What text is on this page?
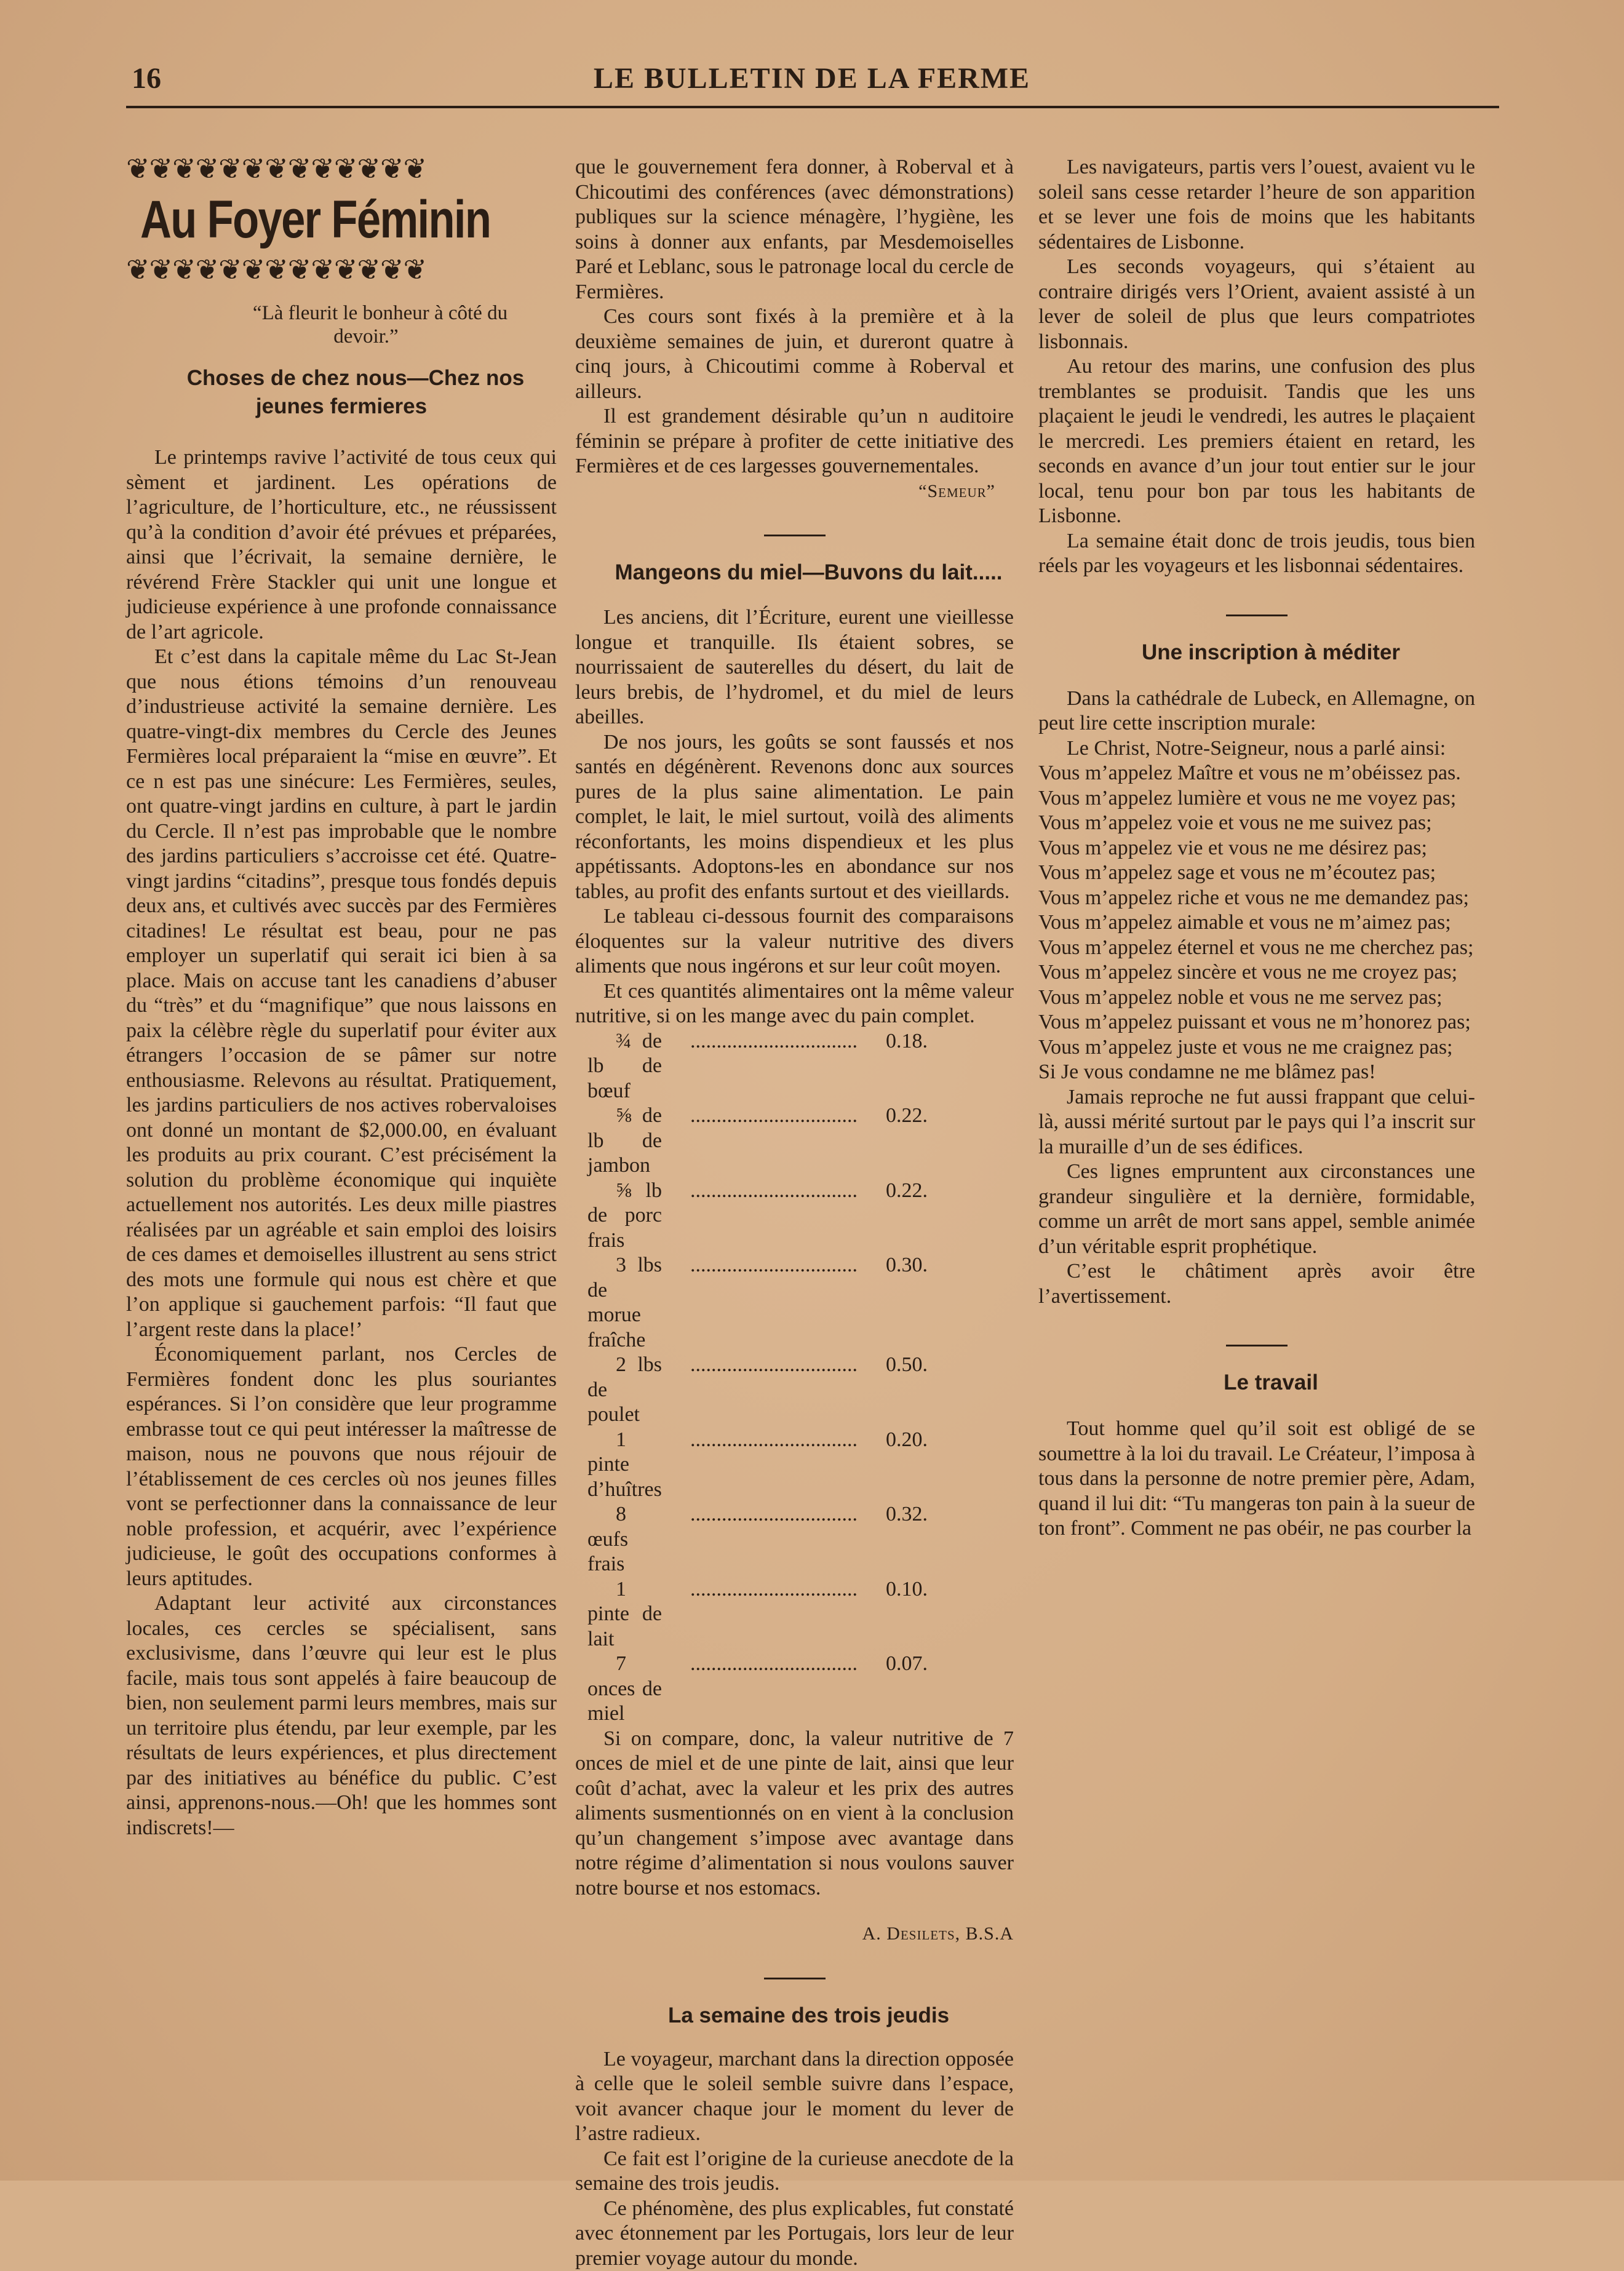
16	LE BULLETIN DE LA FERME
❦❦❦❦❦❦❦❦❦❦❦❦❦
Au Foyer Féminin
❦❦❦❦❦❦❦❦❦❦❦❦❦

“Là fleurit le bonheur à côté du devoir.”

Choses de chez nous—Chez nos jeunes fermieres

Le printemps ravive l’activité de tous ceux qui sèment et jardinent. Les opérations de l’agriculture, de l’horticulture, etc., ne réussissent qu’à la condition d’avoir été prévues et préparées, ainsi que l’écrivait, la semaine dernière, le révérend Frère Stackler qui unit une longue et judicieuse expérience à une profonde connaissance de l’art agricole.

Et c’est dans la capitale même du Lac St-Jean que nous étions témoins d’un renouveau d’industrieuse activité la semaine dernière. Les quatre-vingt-dix membres du Cercle des Jeunes Fermières local préparaient la “mise en œuvre”. Et ce n est pas une sinécure: Les Fermières, seules, ont quatre-vingt jardins en culture, à part le jardin du Cercle. Il n’est pas improbable que le nombre des jardins particuliers s’accroisse cet été. Quatre-vingt jardins “citadins”, presque tous fondés depuis deux ans, et cultivés avec succès par des Fermières citadines! Le résultat est beau, pour ne pas employer un superlatif qui serait ici bien à sa place. Mais on accuse tant les canadiens d’abuser du “très” et du “magnifique” que nous laissons en paix la célèbre règle du superlatif pour éviter aux étrangers l’occasion de se pâmer sur notre enthousiasme. Relevons au résultat. Pratiquement, les jardins particuliers de nos actives robervaloises ont donné un montant de $2,000.00, en évaluant les produits au prix courant. C’est précisément la solution du problème économique qui inquiète actuellement nos autorités. Les deux mille piastres réalisées par un agréable et sain emploi des loisirs de ces dames et demoiselles illustrent au sens strict des mots une formule qui nous est chère et que l’on applique si gauchement parfois: “Il faut que l’argent reste dans la place!’

Économiquement parlant, nos Cercles de Fermières fondent donc les plus souriantes espérances. Si l’on considère que leur programme embrasse tout ce qui peut intéresser la maîtresse de maison, nous ne pouvons que nous réjouir de l’établissement de ces cercles où nos jeunes filles vont se perfectionner dans la connaissance de leur noble profession, et acquérir, avec l’expérience judicieuse, le goût des occupations conformes à leurs aptitudes.

Adaptant leur activité aux circonstances locales, ces cercles se spécialisent, sans exclusivisme, dans l’œuvre qui leur est le plus facile, mais tous sont appelés à faire beaucoup de bien, non seulement parmi leurs membres, mais sur un territoire plus étendu, par leur exemple, par les résultats de leurs expériences, et plus directement par des initiatives au bénéfice du public. C’est ainsi, apprenons-nous.—Oh! que les hommes sont indiscrets!—

que le gouvernement fera donner, à Roberval et à Chicoutimi des conférences (avec démonstrations) publiques sur la science ménagère, l’hygiène, les soins à donner aux enfants, par Mesdemoiselles Paré et Leblanc, sous le patronage local du cercle de Fermières.

Ces cours sont fixés à la première et à la deuxième semaines de juin, et dureront quatre à cinq jours, à Chicoutimi comme à Roberval et ailleurs.

Il est grandement désirable qu’un n auditoire féminin se prépare à profiter de cette initiative des Fermières et de ces largesses gouvernementales.

“Semeur”

Mangeons du miel—Buvons du lait.....

Les anciens, dit l’Écriture, eurent une vieillesse longue et tranquille. Ils étaient sobres, se nourrissaient de sauterelles du désert, du lait de leurs brebis, de l’hydromel, et du miel de leurs abeilles.

De nos jours, les goûts se sont faussés et nos santés en dégénèrent. Revenons donc aux sources pures de la plus saine alimentation. Le pain complet, le lait, le miel surtout, voilà des aliments réconfortants, les moins dispendieux et les plus appétissants. Adoptons-les en abondance sur nos tables, au profit des enfants surtout et des vieillards.

Le tableau ci-dessous fournit des comparaisons éloquentes sur la valeur nutritive des divers aliments que nous ingérons et sur leur coût moyen.

Et ces quantités alimentaires ont la même valeur nutritive, si on les mange avec du pain complet.

¾ de lb de bœuf
................................	0.18.

⅝ de lb de jambon
................................	0.22.

⅝ lb de porc frais
................................	0.22.

3 lbs de morue fraîche
................................	0.30.

2 lbs de poulet
................................	0.50.

1 pinte d’huîtres
................................	0.20.

8 œufs frais
................................	0.32.

1 pinte de lait
................................	0.10.

7 onces de miel
................................	0.07.

Si on compare, donc, la valeur nutritive de 7 onces de miel et de une pinte de lait, ainsi que leur coût d’achat, avec la valeur et les prix des autres aliments susmentionnés on en vient à la conclusion qu’un changement s’impose avec avantage dans notre régime d’alimentation si nous voulons sauver notre bourse et nos estomacs.

A. Desilets, B.S.A

La semaine des trois jeudis

Le voyageur, marchant dans la direction opposée à celle que le soleil semble suivre dans l’espace, voit avancer chaque jour le moment du lever de l’astre radieux.

Ce fait est l’origine de la curieuse anecdote de la semaine des trois jeudis.

Ce phénomène, des plus explicables, fut constaté avec étonnement par les Portugais, lors leur de leur premier voyage autour du monde.

Les navigateurs, partis vers l’ouest, avaient vu le soleil sans cesse retarder l’heure de son apparition et se lever une fois de moins que les habitants sédentaires de Lisbonne.

Les seconds voyageurs, qui s’étaient au contraire dirigés vers l’Orient, avaient assisté à un lever de soleil de plus que leurs compatriotes lisbonnais.

Au retour des marins, une confusion des plus tremblantes se produisit. Tandis que les uns plaçaient le jeudi le vendredi, les autres le plaçaient le mercredi. Les premiers étaient en retard, les seconds en avance d’un jour tout entier sur le jour local, tenu pour bon par tous les habitants de Lisbonne.

La semaine était donc de trois jeudis, tous bien réels par les voyageurs et les lisbonnai sédentaires.

Une inscription à méditer

Dans la cathédrale de Lubeck, en Allemagne, on peut lire cette inscription murale:

Le Christ, Notre-Seigneur, nous a parlé ainsi:

Vous m’appelez Maître et vous ne m’obéissez pas.

Vous m’appelez lumière et vous ne me voyez pas;

Vous m’appelez voie et vous ne me suivez pas;

Vous m’appelez vie et vous ne me désirez pas;

Vous m’appelez sage et vous ne m’écoutez pas;

Vous m’appelez riche et vous ne me demandez pas;

Vous m’appelez aimable et vous ne m’aimez pas;

Vous m’appelez éternel et vous ne me cherchez pas;

Vous m’appelez sincère et vous ne me croyez pas;

Vous m’appelez noble et vous ne me servez pas;

Vous m’appelez puissant et vous ne m’honorez pas;

Vous m’appelez juste et vous ne me craignez pas;

Si Je vous condamne ne me blâmez pas!

Jamais reproche ne fut aussi frappant que celui-là, aussi mérité surtout par le pays qui l’a inscrit sur la muraille d’un de ses édifices.

Ces lignes empruntent aux circonstances une grandeur singulière et la dernière, formidable, comme un arrêt de mort sans appel, semble animée d’un véritable esprit prophétique.

C’est le châtiment après avoir être l’avertissement.

Le travail

Tout homme quel qu’il soit est obligé de se soumettre à la loi du travail. Le Créateur, l’imposa à tous dans la personne de notre premier père, Adam, quand il lui dit: “Tu mangeras ton pain à la sueur de ton front”. Comment ne pas obéir, ne pas courber la
